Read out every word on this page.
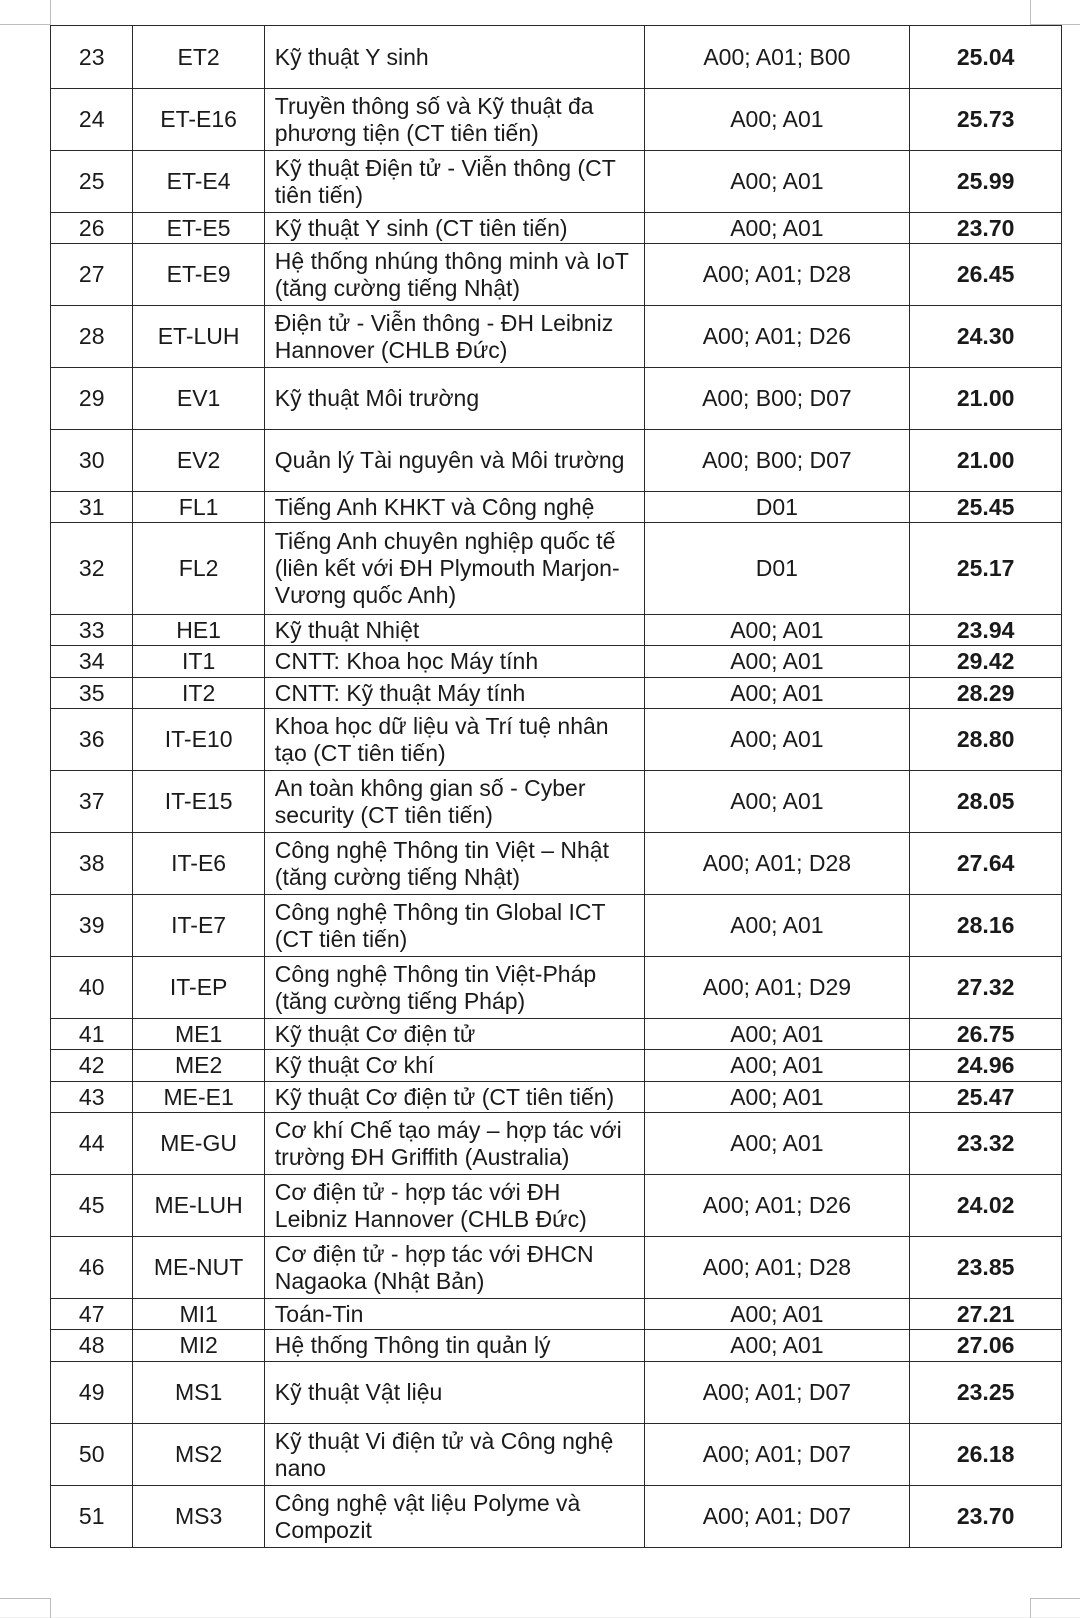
23	ET2	Kỹ thuật Y sinh	A00; A01; B00	25.04
24	ET-E16	Truyền thông số và Kỹ thuật đa phương tiện (CT tiên tiến)	A00; A01	25.73
25	ET-E4	Kỹ thuật Điện tử - Viễn thông (CT tiên tiến)	A00; A01	25.99
26	ET-E5	Kỹ thuật Y sinh (CT tiên tiến)	A00; A01	23.70
27	ET-E9	Hệ thống nhúng thông minh và IoT (tăng cường tiếng Nhật)	A00; A01; D28	26.45
28	ET-LUH	Điện tử - Viễn thông - ĐH Leibniz Hannover (CHLB Đức)	A00; A01; D26	24.30
29	EV1	Kỹ thuật Môi trường	A00; B00; D07	21.00
30	EV2	Quản lý Tài nguyên và Môi trường	A00; B00; D07	21.00
31	FL1	Tiếng Anh KHKT và Công nghệ	D01	25.45
32	FL2	Tiếng Anh chuyên nghiệp quốc tế (liên kết với ĐH Plymouth Marjon-Vương quốc Anh)	D01	25.17
33	HE1	Kỹ thuật Nhiệt	A00; A01	23.94
34	IT1	CNTT: Khoa học Máy tính	A00; A01	29.42
35	IT2	CNTT: Kỹ thuật Máy tính	A00; A01	28.29
36	IT-E10	Khoa học dữ liệu và Trí tuệ nhân tạo (CT tiên tiến)	A00; A01	28.80
37	IT-E15	An toàn không gian số - Cyber security (CT tiên tiến)	A00; A01	28.05
38	IT-E6	Công nghệ Thông tin Việt – Nhật (tăng cường tiếng Nhật)	A00; A01; D28	27.64
39	IT-E7	Công nghệ Thông tin Global ICT (CT tiên tiến)	A00; A01	28.16
40	IT-EP	Công nghệ Thông tin Việt-Pháp (tăng cường tiếng Pháp)	A00; A01; D29	27.32
41	ME1	Kỹ thuật Cơ điện tử	A00; A01	26.75
42	ME2	Kỹ thuật Cơ khí	A00; A01	24.96
43	ME-E1	Kỹ thuật Cơ điện tử (CT tiên tiến)	A00; A01	25.47
44	ME-GU	Cơ khí Chế tạo máy – hợp tác với trường ĐH Griffith (Australia)	A00; A01	23.32
45	ME-LUH	Cơ điện tử - hợp tác với ĐH Leibniz Hannover (CHLB Đức)	A00; A01; D26	24.02
46	ME-NUT	Cơ điện tử - hợp tác với ĐHCN Nagaoka (Nhật Bản)	A00; A01; D28	23.85
47	MI1	Toán-Tin	A00; A01	27.21
48	MI2	Hệ thống Thông tin quản lý	A00; A01	27.06
49	MS1	Kỹ thuật Vật liệu	A00; A01; D07	23.25
50	MS2	Kỹ thuật Vi điện tử và Công nghệ nano	A00; A01; D07	26.18
51	MS3	Công nghệ vật liệu Polyme và Compozit	A00; A01; D07	23.70
